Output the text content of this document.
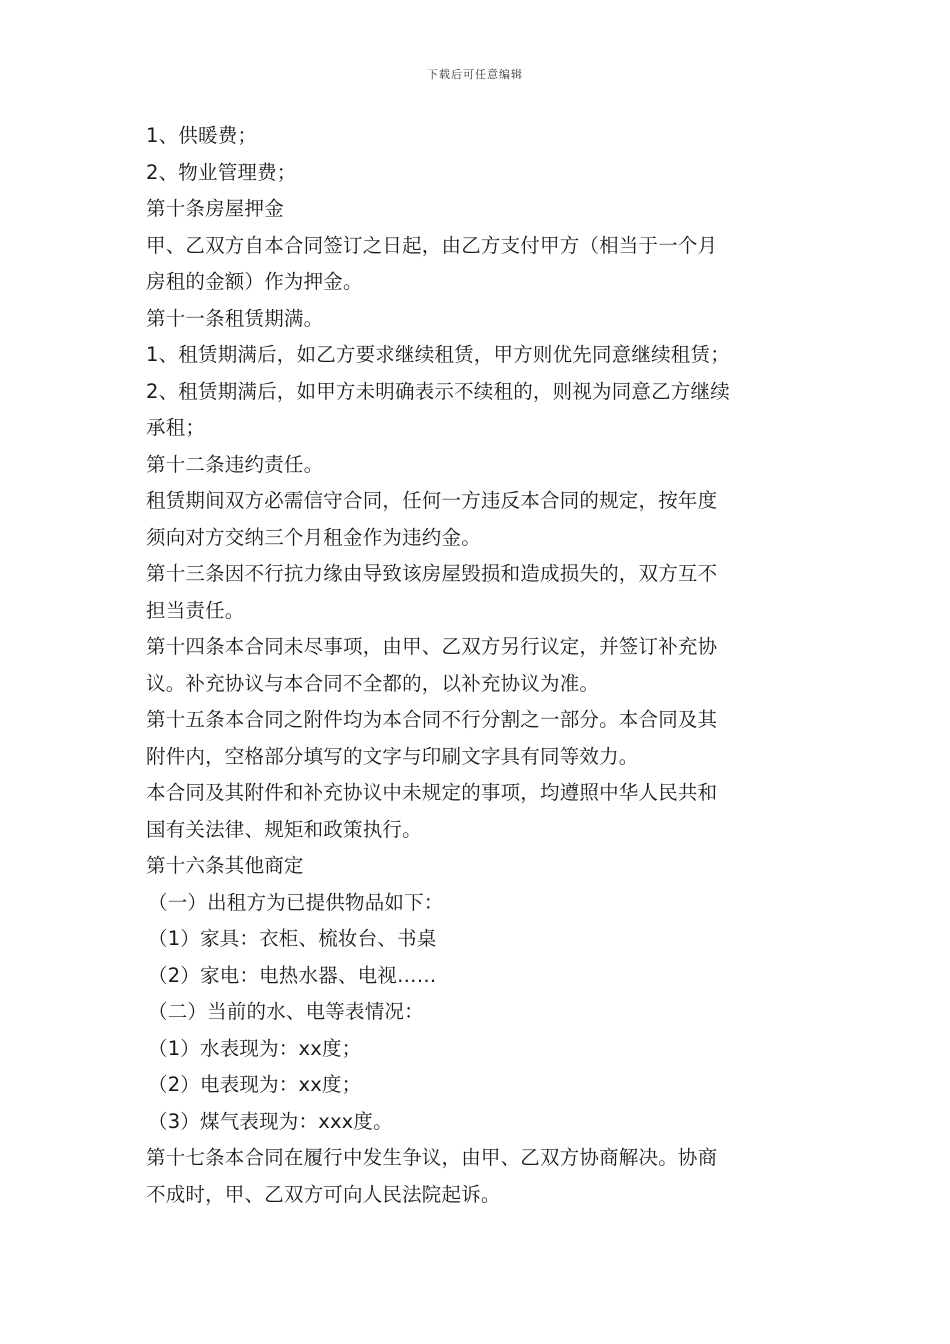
下载后可任意编辑
1、供暖费；
2、物业管理费；
第十条房屋押金
甲、乙双方自本合同签订之日起，由乙方支付甲方（相当于一个月
房租的金额）作为押金。
第十一条租赁期满。
1、租赁期满后，如乙方要求继续租赁，甲方则优先同意继续租赁；
2、租赁期满后，如甲方未明确表示不续租的，则视为同意乙方继续
承租；
第十二条违约责任。
租赁期间双方必需信守合同，任何一方违反本合同的规定，按年度
须向对方交纳三个月租金作为违约金。
第十三条因不行抗力缘由导致该房屋毁损和造成损失的，双方互不
担当责任。
第十四条本合同未尽事项，由甲、乙双方另行议定，并签订补充协
议。补充协议与本合同不全都的，以补充协议为准。
第十五条本合同之附件均为本合同不行分割之一部分。本合同及其
附件内，空格部分填写的文字与印刷文字具有同等效力。
本合同及其附件和补充协议中未规定的事项，均遵照中华人民共和
国有关法律、规矩和政策执行。
第十六条其他商定
（一）出租方为已提供物品如下：
（1）家具：衣柜、梳妆台、书桌
（2）家电：电热水器、电视……
（二）当前的水、电等表情况：
（1）水表现为：xx度；
（2）电表现为：xx度；
（3）煤气表现为：xxx度。
第十七条本合同在履行中发生争议，由甲、乙双方协商解决。协商
不成时，甲、乙双方可向人民法院起诉。
